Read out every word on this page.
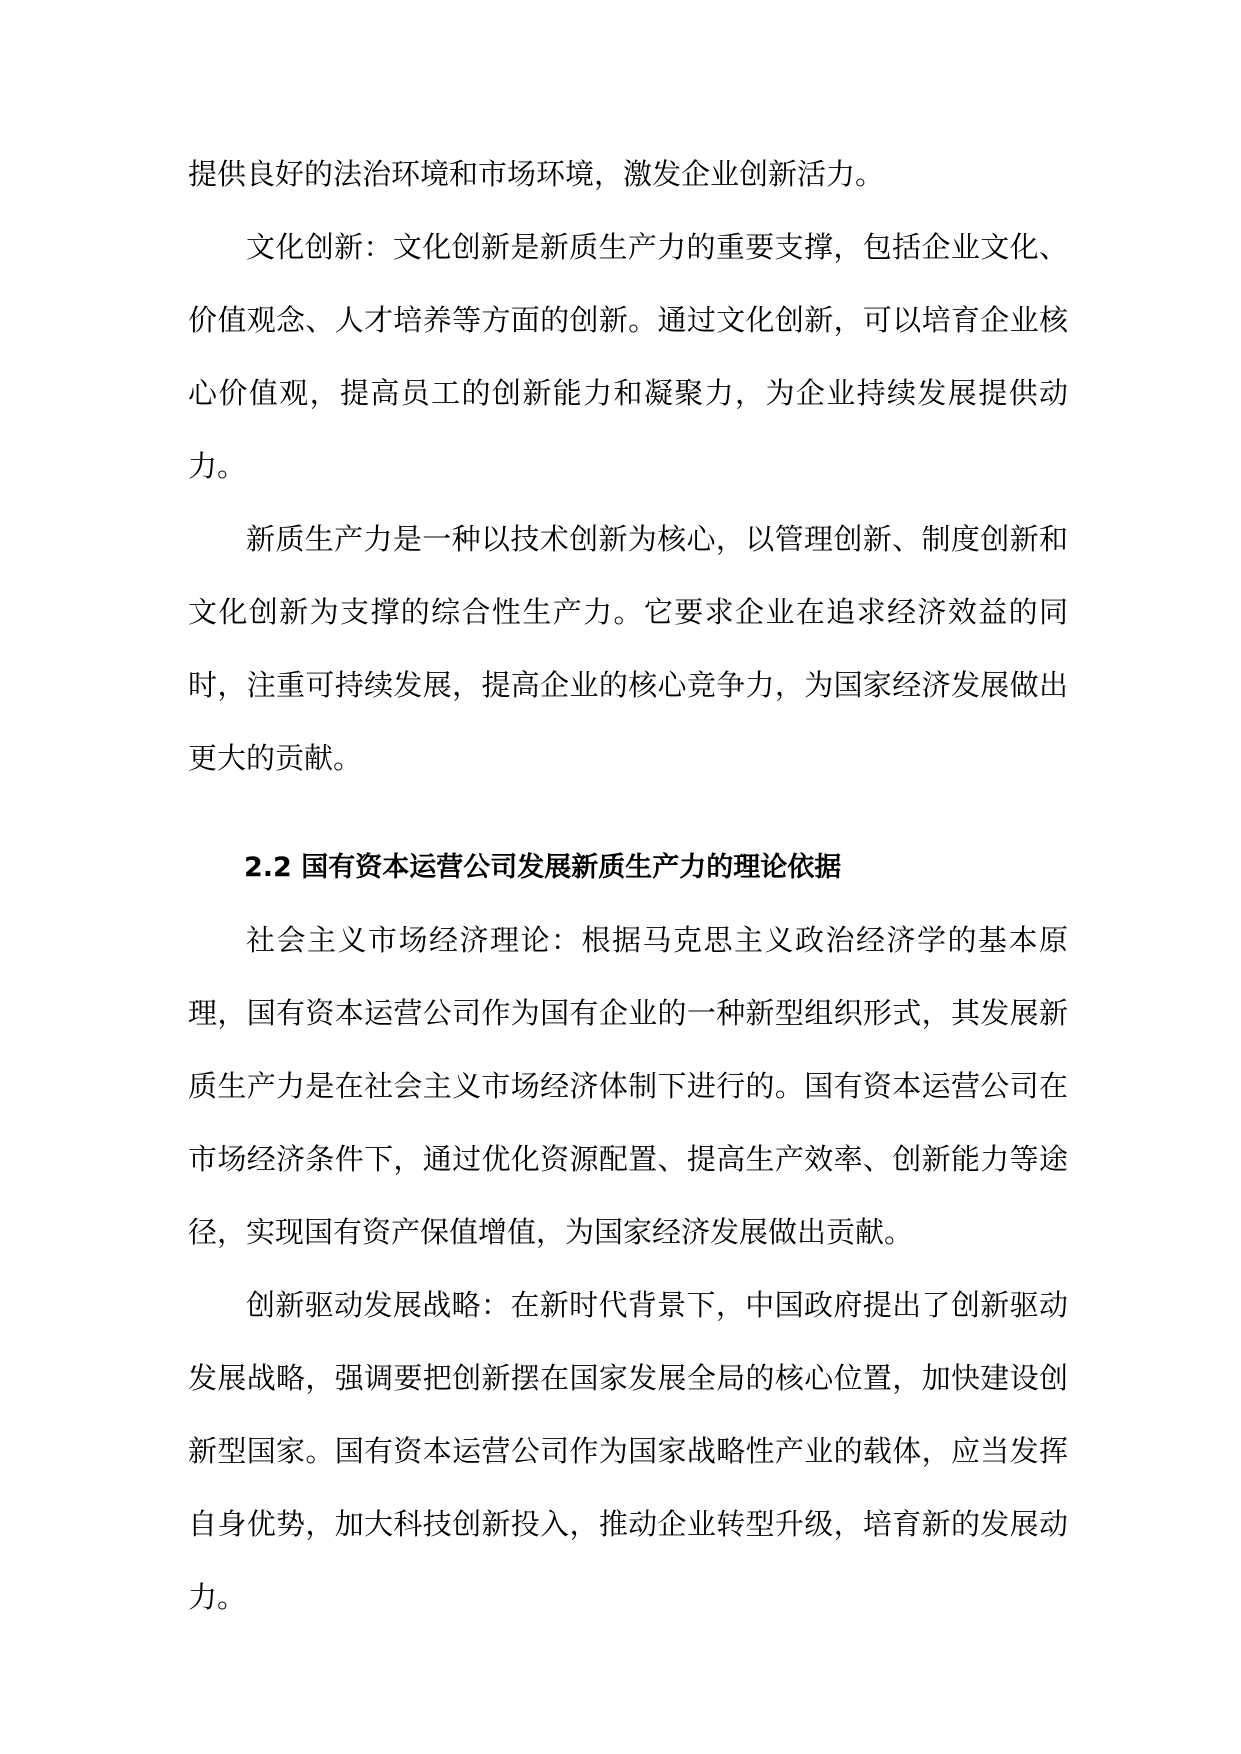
提供良好的法治环境和市场环境，激发企业创新活力。

文化创新：文化创新是新质生产力的重要支撑，包括企业文化、价值观念、人才培养等方面的创新。通过文化创新，可以培育企业核心价值观，提高员工的创新能力和凝聚力，为企业持续发展提供动力。

新质生产力是一种以技术创新为核心，以管理创新、制度创新和文化创新为支撑的综合性生产力。它要求企业在追求经济效益的同时，注重可持续发展，提高企业的核心竞争力，为国家经济发展做出更大的贡献。

2.2 国有资本运营公司发展新质生产力的理论依据

社会主义市场经济理论：根据马克思主义政治经济学的基本原理，国有资本运营公司作为国有企业的一种新型组织形式，其发展新质生产力是在社会主义市场经济体制下进行的。国有资本运营公司在市场经济条件下，通过优化资源配置、提高生产效率、创新能力等途径，实现国有资产保值增值，为国家经济发展做出贡献。

创新驱动发展战略：在新时代背景下，中国政府提出了创新驱动发展战略，强调要把创新摆在国家发展全局的核心位置，加快建设创新型国家。国有资本运营公司作为国家战略性产业的载体，应当发挥自身优势，加大科技创新投入，推动企业转型升级，培育新的发展动力。
